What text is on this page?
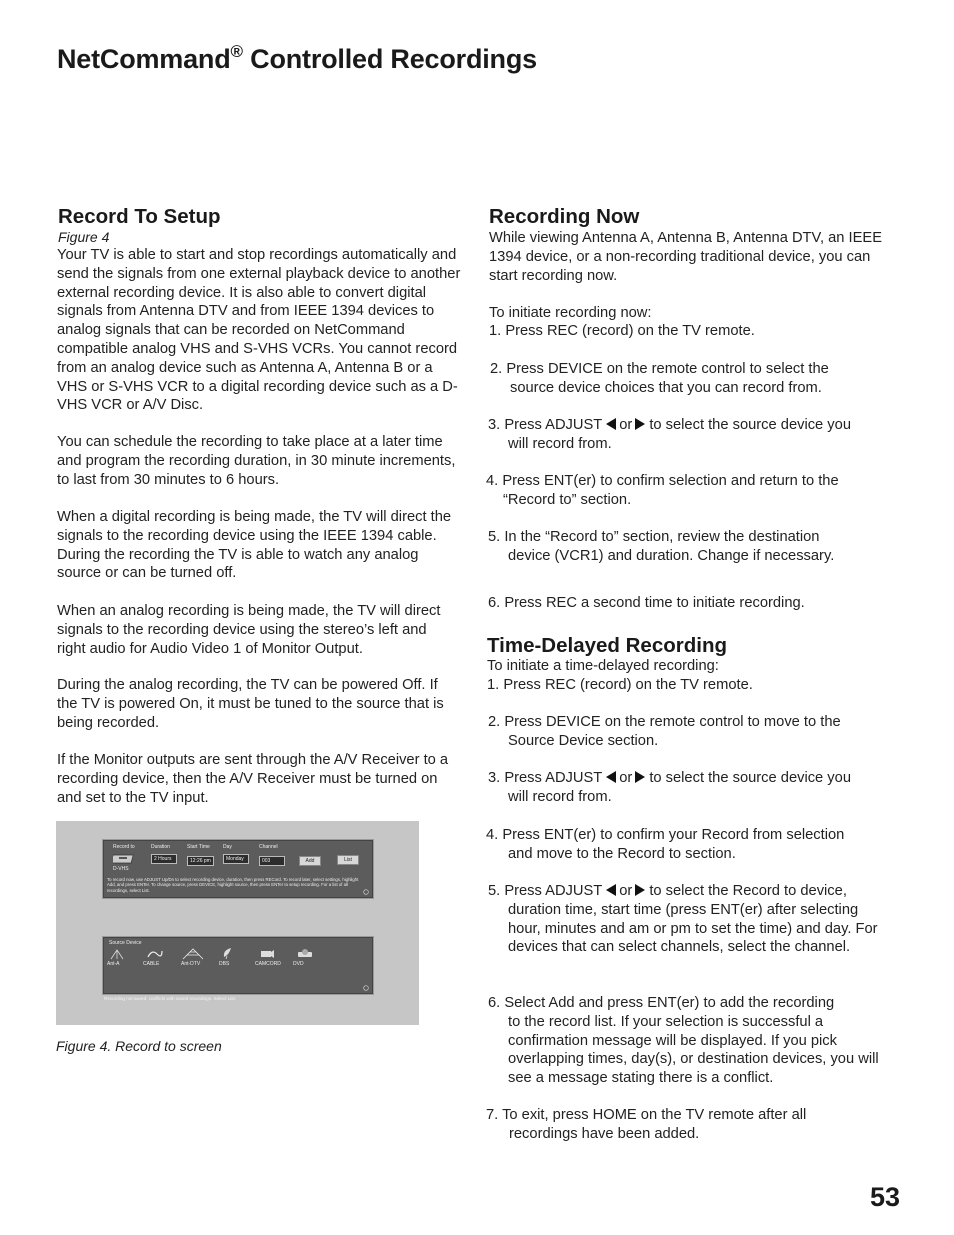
NetCommand® Controlled Recordings
Record To Setup
Figure 4
Your TV is able to start and stop recordings automatically and send the signals from one external playback device to another external recording device. It is also able to convert digital signals from Antenna DTV and from IEEE 1394 devices to analog signals that can be recorded on NetCommand compatible analog VHS and S-VHS VCRs. You cannot record from an analog device such as Antenna A, Antenna B or a VHS or S-VHS VCR to a digital recording device such as a D-VHS VCR or A/V Disc.
You can schedule the recording to take place at a later time and program the recording duration, in 30 minute increments, to last from 30 minutes to 6 hours.
When a digital recording is being made, the TV will direct the signals to the recording device using the IEEE 1394 cable. During the recording the TV is able to watch any analog source or can be turned off.
When an analog recording is being made, the TV will direct signals to the recording device using the stereo’s left and right audio for Audio Video 1 of Monitor Output.
During the analog recording, the TV can be powered Off. If the TV is powered On, it must be tuned to the source that is being recorded.
If the Monitor outputs are sent through the A/V Receiver to a recording device, then the A/V Receiver must be turned on and set to the TV input.
Record to	Duration	Start Time	Day	Channel
D-VHS
2 Hours	12:26 pm	Monday	003	Add	List
To record now, use ADJUST Up/Dn to select recording device, duration, then press RECord. To record later, select settings, highlight Add, and press ENTer. To change source, press DEVICE, highlight source, then press ENTer to setup recording. For a list of all recordings, select List.
Source Device
Ant-A	CABLE	Ant-DTV	DBS	CAMCORD DVD
Recording not saved: conflicts with saved recordings. Select List.
Figure 4. Record to screen
Recording Now
While viewing Antenna A, Antenna B, Antenna DTV, an IEEE 1394 device, or a non-recording traditional device, you can start recording now.
To initiate recording now:
1. Press REC (record) on the TV remote.
2. Press DEVICE on the remote control to select the
source device choices that you can record from.
3. Press ADJUST or to select the source device you
will record from.
4. Press ENT(er) to confirm selection and return to the
“Record to” section.
5. In the “Record to” section, review the destination
device (VCR1) and duration. Change if necessary.
6. Press REC a second time to initiate recording.
Time-Delayed Recording
To initiate a time-delayed recording:
1. Press REC (record) on the TV remote.
2. Press DEVICE on the remote control to move to the
Source Device section.
3. Press ADJUST or to select the source device you
will record from.
4. Press ENT(er) to confirm your Record from selection
and move to the Record to section.
5. Press ADJUST or to select the Record to device,
duration time, start time (press ENT(er) after selecting hour, minutes and am or pm to set the time) and day. For devices that can select channels, select the channel.
6. Select Add and press ENT(er) to add the recording
to the record list. If your selection is successful a confirmation message will be displayed. If you pick overlapping times, day(s), or destination devices, you will see a message stating there is a conflict.
7. To exit, press HOME on the TV remote after all
recordings have been added.
53
